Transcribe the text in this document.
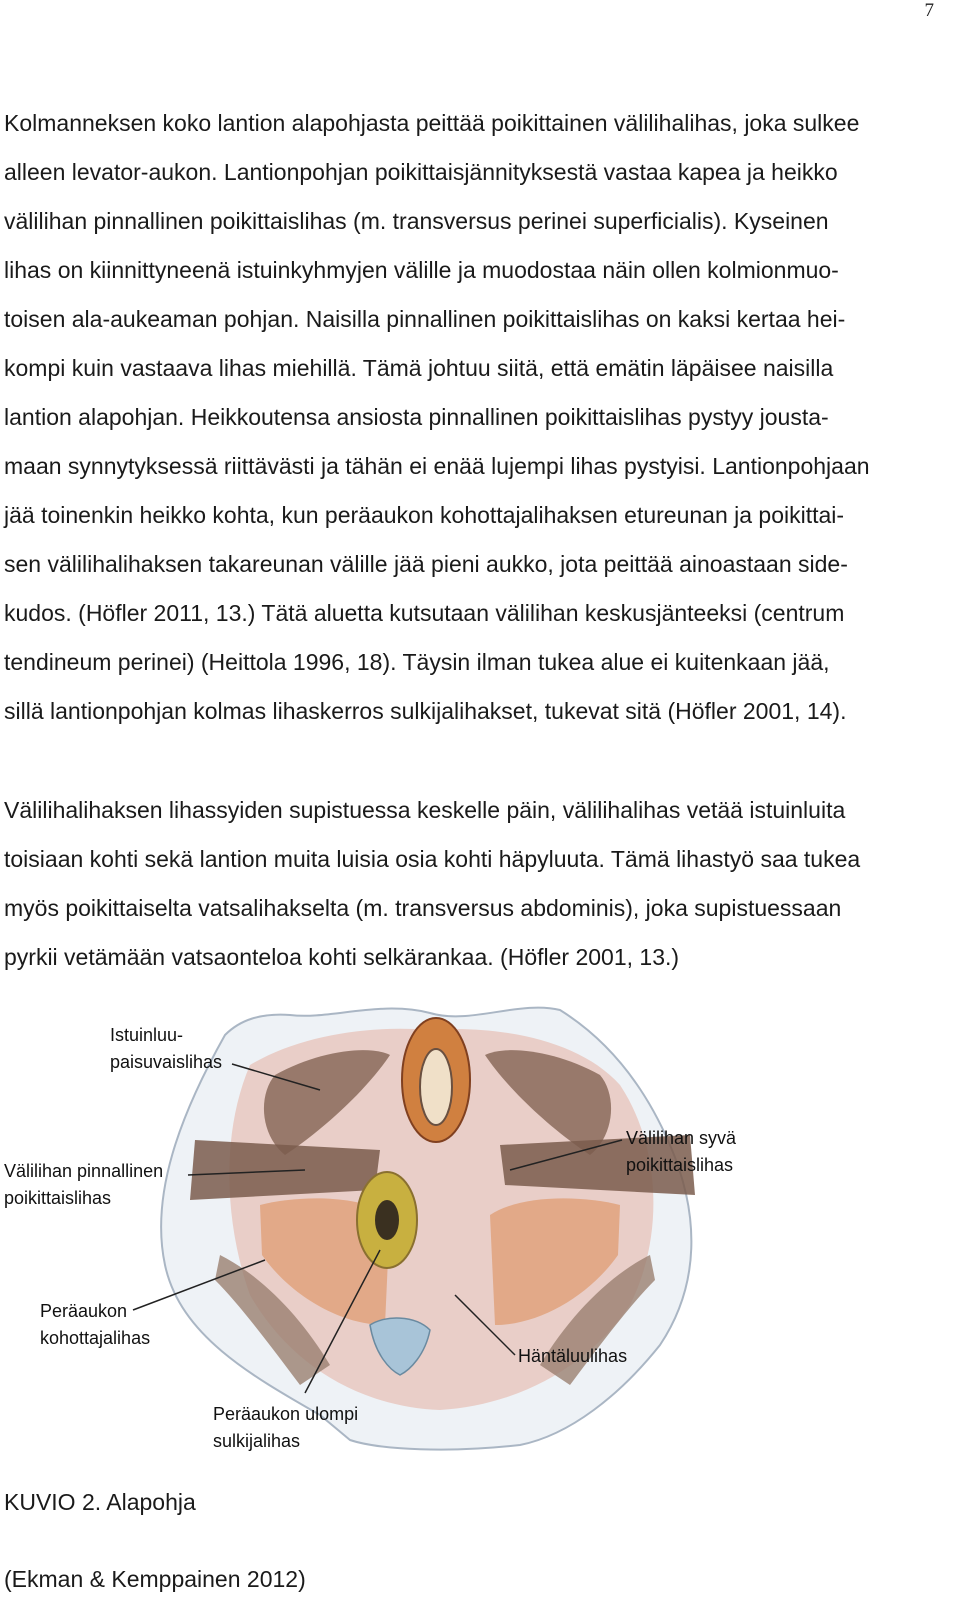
7
Kolmanneksen koko lantion alapohjasta peittää poikittainen välilihalihas, joka sulkee
alleen levator-aukon. Lantionpohjan poikittaisjännityksestä vastaa kapea ja heikko
välilihan pinnallinen poikittaislihas (m. transversus perinei superficialis). Kyseinen
lihas on kiinnittyneenä istuinkyhmyjen välille ja muodostaa näin ollen kolmionmuo-
toisen ala-aukeaman pohjan. Naisilla pinnallinen poikittaislihas on kaksi kertaa hei-
kompi kuin vastaava lihas miehillä. Tämä johtuu siitä, että emätin läpäisee naisilla
lantion alapohjan. Heikkoutensa ansiosta pinnallinen poikittaislihas pystyy jousta-
maan synnytyksessä riittävästi ja tähän ei enää lujempi lihas pystyisi. Lantionpohjaan
jää toinenkin heikko kohta, kun peräaukon kohottajalihaksen etureunan ja poikittai-
sen välilihalihaksen takareunan välille jää pieni aukko, jota peittää ainoastaan side-
kudos. (Höfler 2011, 13.) Tätä aluetta kutsutaan välilihan keskusjänteeksi (centrum
tendineum perinei) (Heittola 1996, 18). Täysin ilman tukea alue ei kuitenkaan jää,
sillä lantionpohjan kolmas lihaskerros sulkijalihakset, tukevat sitä (Höfler 2001, 14).
Välilihalihaksen lihassyiden supistuessa keskelle päin, välilihalihas vetää istuinluita
toisiaan kohti sekä lantion muita luisia osia kohti häpyluuta. Tämä lihastyö saa tukea
myös poikittaiselta vatsalihakselta (m. transversus abdominis), joka supistuessaan
pyrkii vetämään vatsaonteloa kohti selkärankaa. (Höfler 2001, 13.)
Istuinluu-
paisuvaislihas
Välilihan pinnallinen
poikittaislihas
Välilihan syvä
poikittaislihas
Peräaukon
kohottajalihas
Häntäluulihas
Peräaukon ulompi
sulkijalihas
KUVIO 2. Alapohja
(Ekman & Kemppainen 2012)
